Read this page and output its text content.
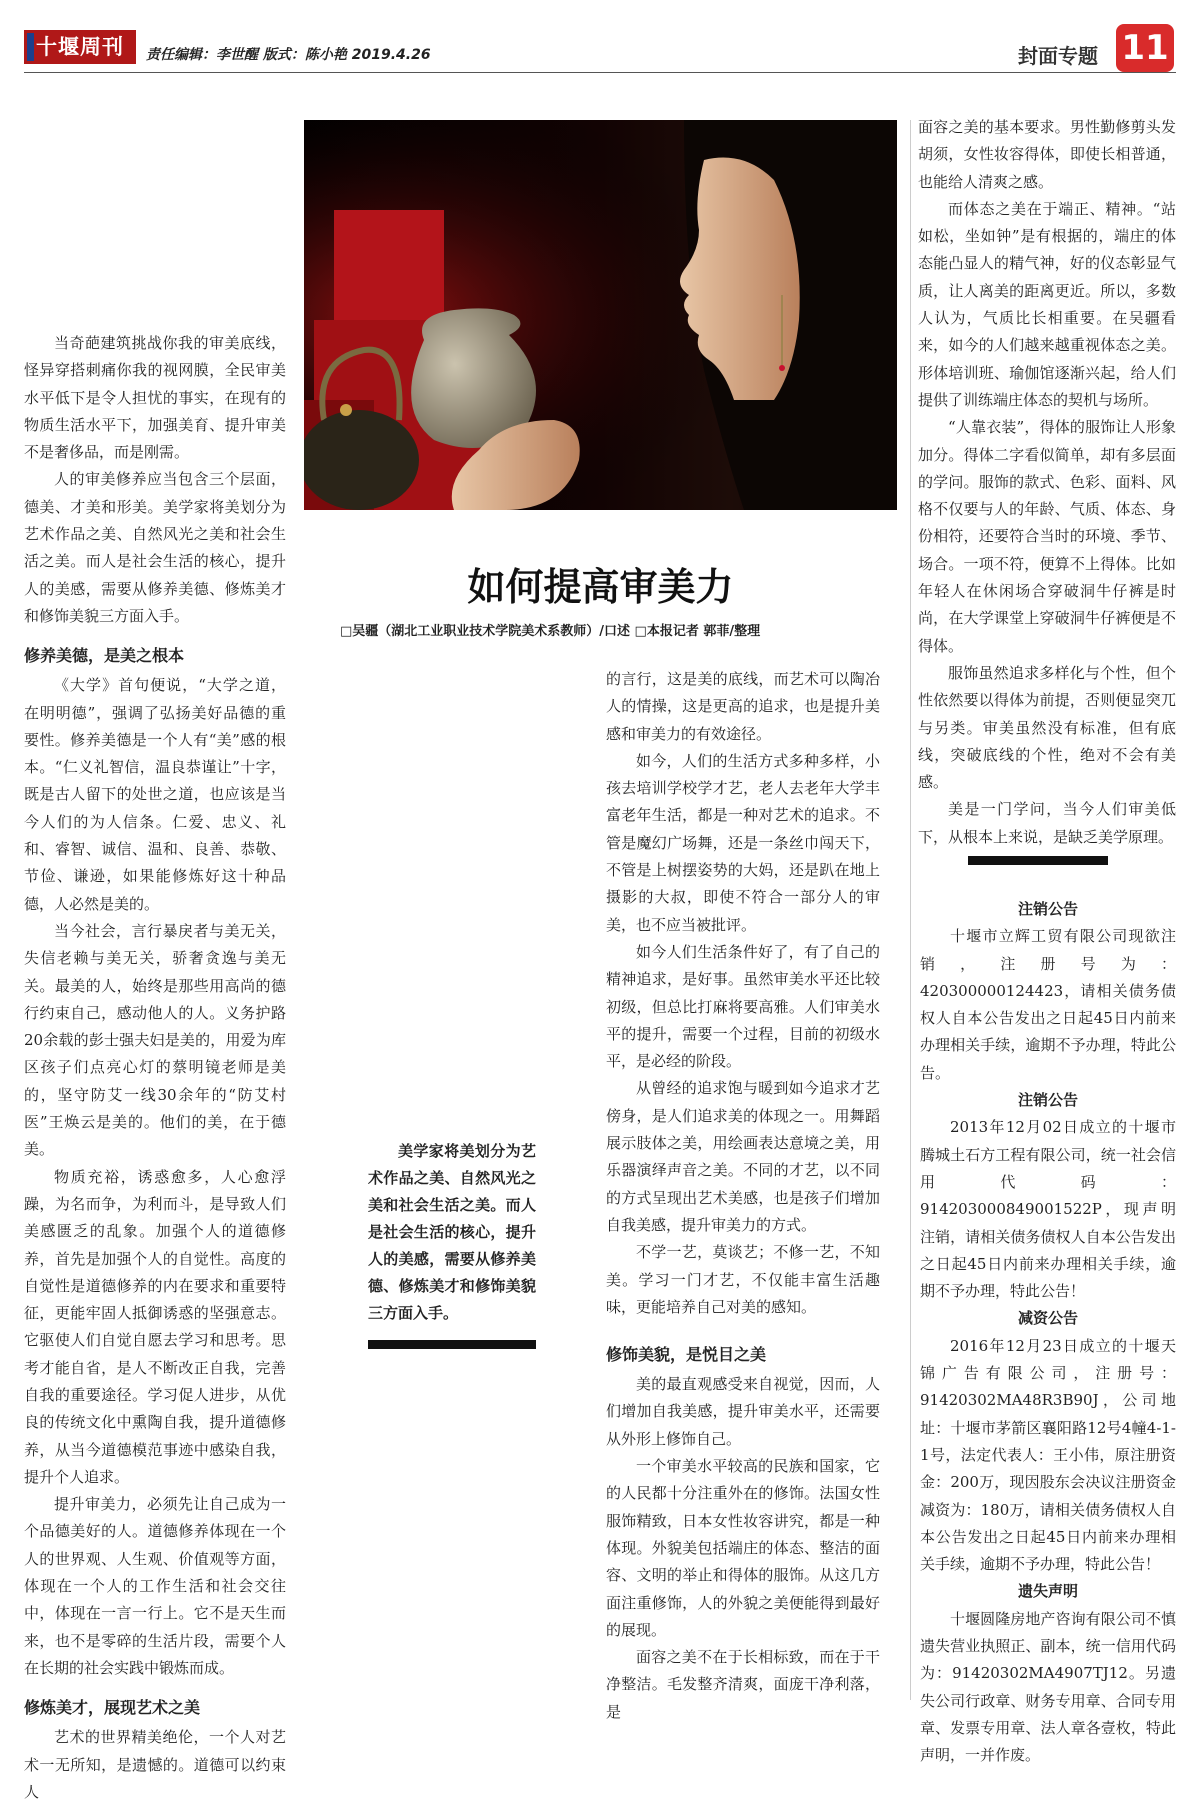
十堰周刊	责任编辑：李世醒 版式：陈小艳 2019.4.26	封面专题 11

当奇葩建筑挑战你我的审美底线，怪异穿搭刺痛你我的视网膜，全民审美水平低下是令人担忧的事实，在现有的物质生活水平下，加强美育、提升审美不是奢侈品，而是刚需。

人的审美修养应当包含三个层面，德美、才美和形美。美学家将美划分为艺术作品之美、自然风光之美和社会生活之美。而人是社会生活的核心，提升人的美感，需要从修养美德、修炼美才和修饰美貌三方面入手。

修养美德，是美之根本

《大学》首句便说，“大学之道，在明明德”，强调了弘扬美好品德的重要性。修养美德是一个人有“美”感的根本。“仁义礼智信，温良恭谨让”十字，既是古人留下的处世之道，也应该是当今人们的为人信条。仁爱、忠义、礼和、睿智、诚信、温和、良善、恭敬、节俭、谦逊，如果能修炼好这十种品德，人必然是美的。

当今社会，言行暴戾者与美无关，失信老赖与美无关，骄奢贪逸与美无关。最美的人，始终是那些用高尚的德行约束自己，感动他人的人。义务护路20余载的彭士强夫妇是美的，用爱为库区孩子们点亮心灯的蔡明镜老师是美的，坚守防艾一线30余年的“防艾村医”王焕云是美的。他们的美，在于德美。

物质充裕，诱惑愈多，人心愈浮躁，为名而争，为利而斗，是导致人们美感匮乏的乱象。加强个人的道德修养，首先是加强个人的自觉性。高度的自觉性是道德修养的内在要求和重要特征，更能牢固人抵御诱惑的坚强意志。它驱使人们自觉自愿去学习和思考。思考才能自省，是人不断改正自我，完善自我的重要途径。学习促人进步，从优良的传统文化中熏陶自我，提升道德修养，从当今道德模范事迹中感染自我，提升个人追求。

提升审美力，必须先让自己成为一个品德美好的人。道德修养体现在一个人的世界观、人生观、价值观等方面，体现在一个人的工作生活和社会交往中，体现在一言一行上。它不是天生而来，也不是零碎的生活片段，需要个人在长期的社会实践中锻炼而成。

修炼美才，展现艺术之美

艺术的世界精美绝伦，一个人对艺术一无所知，是遗憾的。道德可以约束人

如何提高审美力
□吴疆（湖北工业职业技术学院美术系教师）/口述 □本报记者 郭菲/整理

的言行，这是美的底线，而艺术可以陶冶人的情操，这是更高的追求，也是提升美感和审美力的有效途径。

如今，人们的生活方式多种多样，小孩去培训学校学才艺，老人去老年大学丰富老年生活，都是一种对艺术的追求。不管是魔幻广场舞，还是一条丝巾闯天下，不管是上树摆姿势的大妈，还是趴在地上摄影的大叔，即使不符合一部分人的审美，也不应当被批评。

如今人们生活条件好了，有了自己的精神追求，是好事。虽然审美水平还比较初级，但总比打麻将要高雅。人们审美水平的提升，需要一个过程，目前的初级水平，是必经的阶段。

从曾经的追求饱与暖到如今追求才艺傍身，是人们追求美的体现之一。用舞蹈展示肢体之美，用绘画表达意境之美，用乐器演绎声音之美。不同的才艺，以不同的方式呈现出艺术美感，也是孩子们增加自我美感，提升审美力的方式。

不学一艺，莫谈艺；不修一艺，不知美。学习一门才艺，不仅能丰富生活趣味，更能培养自己对美的感知。

修饰美貌，是悦目之美

美的最直观感受来自视觉，因而，人们增加自我美感，提升审美水平，还需要从外形上修饰自己。

一个审美水平较高的民族和国家，它的人民都十分注重外在的修饰。法国女性服饰精致，日本女性妆容讲究，都是一种体现。外貌美包括端庄的体态、整洁的面容、文明的举止和得体的服饰。从这几方面注重修饰，人的外貌之美便能得到最好的展现。

面容之美不在于长相标致，而在于干净整洁。毛发整齐清爽，面庞干净利落，是

美学家将美划分为艺术作品之美、自然风光之美和社会生活之美。而人是社会生活的核心，提升人的美感，需要从修养美德、修炼美才和修饰美貌三方面入手。

面容之美的基本要求。男性勤修剪头发胡须，女性妆容得体，即使长相普通，也能给人清爽之感。

而体态之美在于端正、精神。“站如松，坐如钟”是有根据的，端庄的体态能凸显人的精气神，好的仪态彰显气质，让人离美的距离更近。所以，多数人认为，气质比长相重要。在吴疆看来，如今的人们越来越重视体态之美。形体培训班、瑜伽馆逐渐兴起，给人们提供了训练端庄体态的契机与场所。

“人靠衣装”，得体的服饰让人形象加分。得体二字看似简单，却有多层面的学问。服饰的款式、色彩、面料、风格不仅要与人的年龄、气质、体态、身份相符，还要符合当时的环境、季节、场合。一项不符，便算不上得体。比如年轻人在休闲场合穿破洞牛仔裤是时尚，在大学课堂上穿破洞牛仔裤便是不得体。

服饰虽然追求多样化与个性，但个性依然要以得体为前提，否则便显突兀与另类。审美虽然没有标准，但有底线，突破底线的个性，绝对不会有美感。

美是一门学问，当今人们审美低下，从根本上来说，是缺乏美学原理。

注销公告

十堰市立辉工贸有限公司现欲注销，注册号为：420300000124423，请相关债务债权人自本公告发出之日起45日内前来办理相关手续，逾期不予办理，特此公告。

注销公告

2013年12月02日成立的十堰市腾城土石方工程有限公司，统一社会信用代码：914203000849001522P，现声明注销，请相关债务债权人自本公告发出之日起45日内前来办理相关手续，逾期不予办理，特此公告！

减资公告

2016年12月23日成立的十堰天锦广告有限公司，注册号：91420302MA48R3B90J，公司地址：十堰市茅箭区襄阳路12号4幢4-1-1号，法定代表人：王小伟，原注册资金：200万，现因股东会决议注册资金减资为：180万，请相关债务债权人自本公告发出之日起45日内前来办理相关手续，逾期不予办理，特此公告！

遗失声明

十堰圆隆房地产咨询有限公司不慎遗失营业执照正、副本，统一信用代码为：91420302MA4907TJ12。另遗失公司行政章、财务专用章、合同专用章、发票专用章、法人章各壹枚，特此声明，一并作废。
